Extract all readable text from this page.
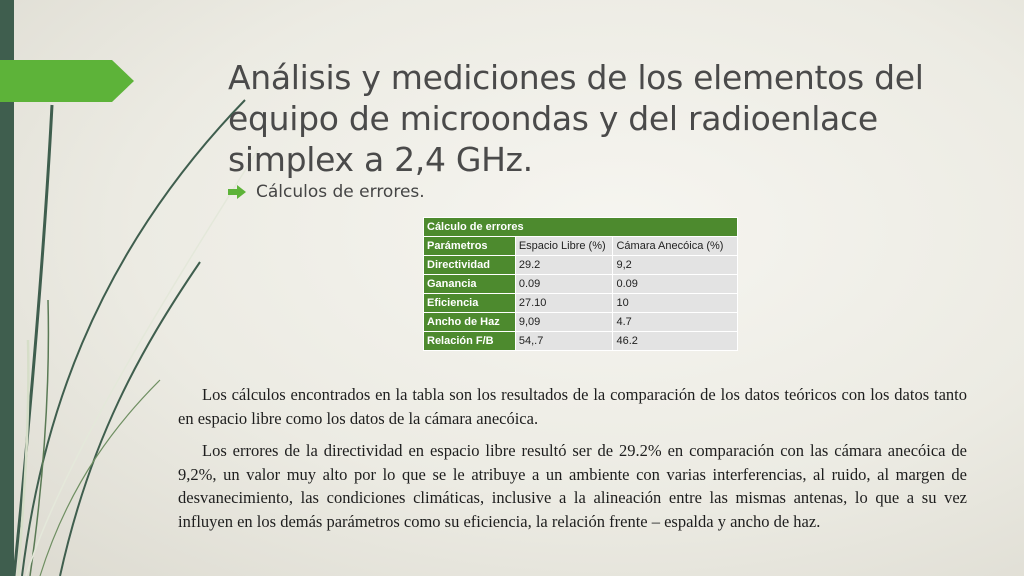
Análisis y mediciones de los elementos del equipo de microondas y del radioenlace simplex a 2,4 GHz.
Cálculos de errores.
Cálculo de errores		
Parámetros	Espacio Libre (%)	Cámara Anecóica (%)
Directividad	29.2	9,2
Ganancia	0.09	0.09
Eficiencia	27.10	10
Ancho de Haz	9,09	4.7
Relación F/B	54,.7	46.2

Los cálculos encontrados en la tabla son los resultados de la comparación de los datos teóricos con los datos tanto en espacio libre como los datos de la cámara anecóica.

Los errores de la directividad en espacio libre resultó ser de 29.2% en comparación con las cámara anecóica de 9,2%, un valor muy alto por lo que se le atribuye a un ambiente con varias interferencias, al ruido, al margen de desvanecimiento, las condiciones climáticas, inclusive a la alineación entre las mismas antenas, lo que a su vez influyen en los demás parámetros como su eficiencia, la relación frente – espalda y ancho de haz.
